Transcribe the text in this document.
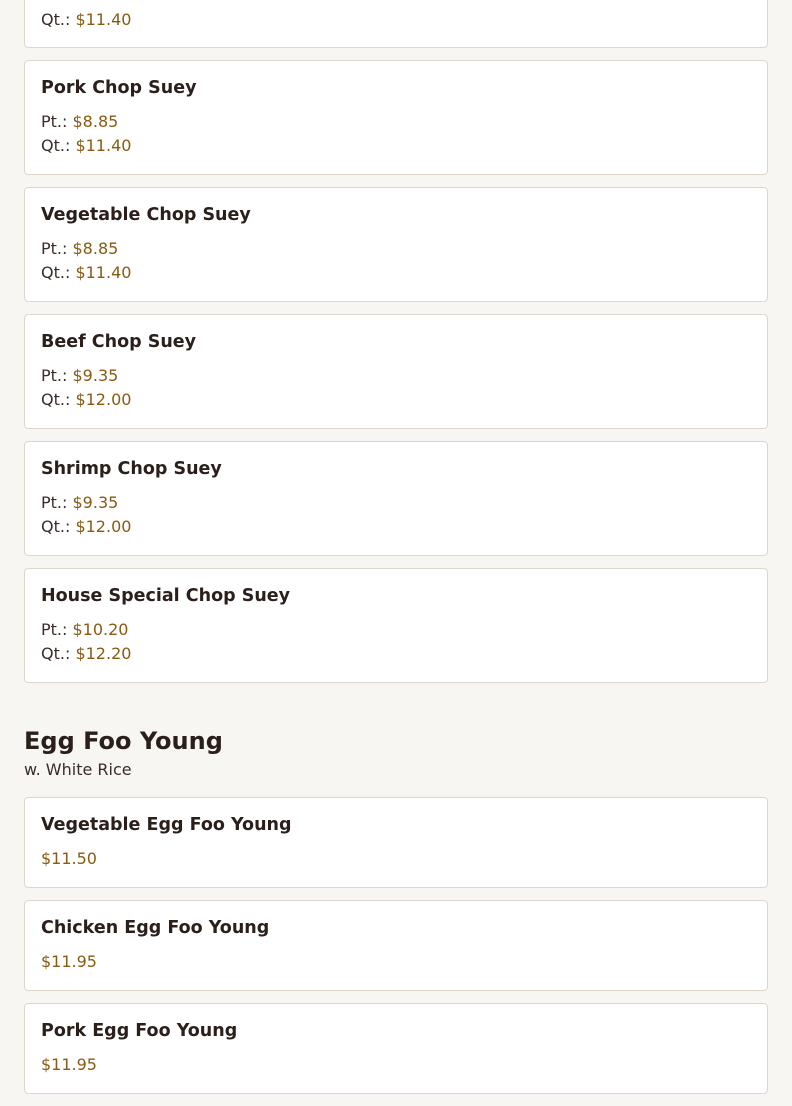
Qt.: $11.40
Pork Chop Suey
Pt.: $8.85
Qt.: $11.40
Vegetable Chop Suey
Pt.: $8.85
Qt.: $11.40
Beef Chop Suey
Pt.: $9.35
Qt.: $12.00
Shrimp Chop Suey
Pt.: $9.35
Qt.: $12.00
House Special Chop Suey
Pt.: $10.20
Qt.: $12.20
Egg Foo Young
w. White Rice
Vegetable Egg Foo Young
$11.50
Chicken Egg Foo Young
$11.95
Pork Egg Foo Young
$11.95
